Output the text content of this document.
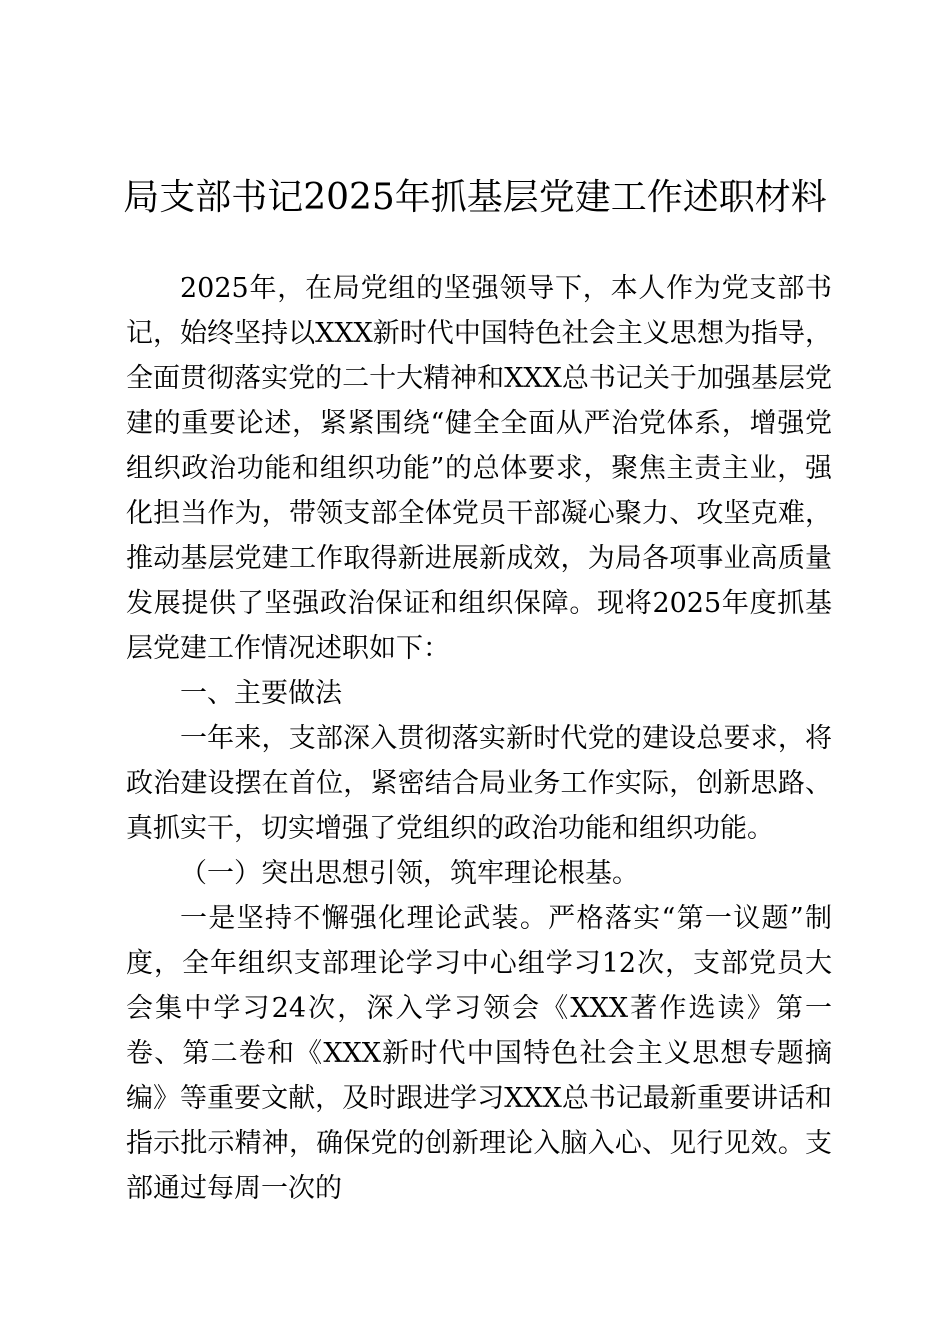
局支部书记2025年抓基层党建工作述职材料

2025年，在局党组的坚强领导下，本人作为党支部书记，始终坚持以XXX新时代中国特色社会主义思想为指导，全面贯彻落实党的二十大精神和XXX总书记关于加强基层党建的重要论述，紧紧围绕“健全全面从严治党体系，增强党组织政治功能和组织功能”的总体要求，聚焦主责主业，强化担当作为，带领支部全体党员干部凝心聚力、攻坚克难，推动基层党建工作取得新进展新成效，为局各项事业高质量发展提供了坚强政治保证和组织保障。现将2025年度抓基层党建工作情况述职如下：

一、主要做法

一年来，支部深入贯彻落实新时代党的建设总要求，将政治建设摆在首位，紧密结合局业务工作实际，创新思路、真抓实干，切实增强了党组织的政治功能和组织功能。

（一）突出思想引领，筑牢理论根基。

一是坚持不懈强化理论武装。严格落实“第一议题”制度，全年组织支部理论学习中心组学习12次，支部党员大会集中学习24次，深入学习领会《XXX著作选读》第一卷、第二卷和《XXX新时代中国特色社会主义思想专题摘编》等重要文献，及时跟进学习XXX总书记最新重要讲话和指示批示精神，确保党的创新理论入脑入心、见行见效。支部通过每周一次的
